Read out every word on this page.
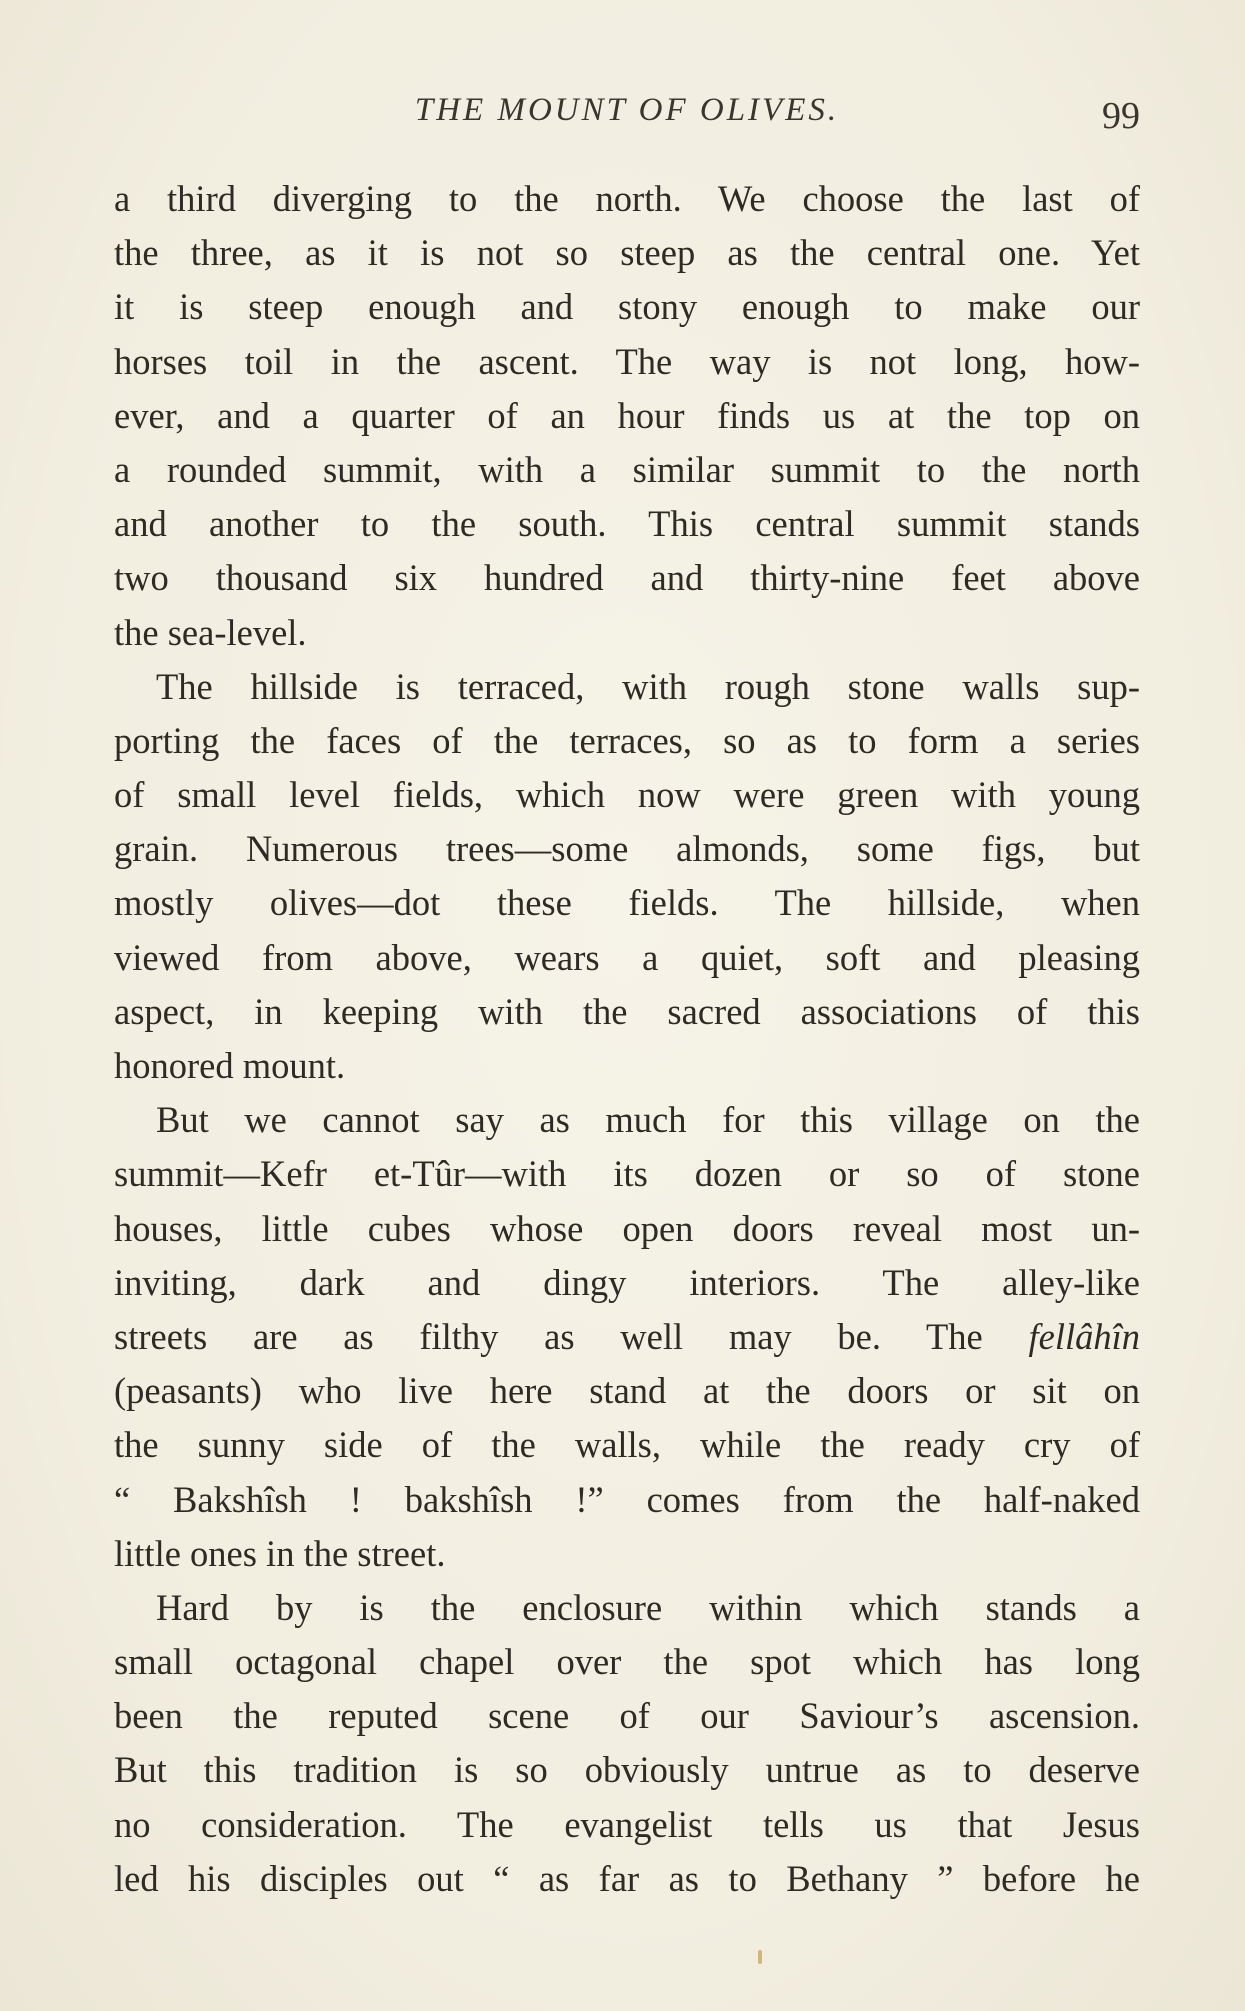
THE MOUNT OF OLIVES.	99
a third diverging to the north. We choose the last of
the three, as it is not so steep as the central one. Yet
it is steep enough and stony enough to make our
horses toil in the ascent. The way is not long, how-
ever, and a quarter of an hour finds us at the top on
a rounded summit, with a similar summit to the north
and another to the south. This central summit stands
two thousand six hundred and thirty-nine feet above
the sea-level.
The hillside is terraced, with rough stone walls sup-
porting the faces of the terraces, so as to form a series
of small level fields, which now were green with young
grain. Numerous trees—some almonds, some figs, but
mostly olives—dot these fields. The hillside, when
viewed from above, wears a quiet, soft and pleasing
aspect, in keeping with the sacred associations of this
honored mount.
But we cannot say as much for this village on the
summit—Kefr et-Tûr—with its dozen or so of stone
houses, little cubes whose open doors reveal most un-
inviting, dark and dingy interiors. The alley-like
streets are as filthy as well may be. The fellâhîn
(peasants) who live here stand at the doors or sit on
the sunny side of the walls, while the ready cry of
“ Bakshîsh ! bakshîsh !” comes from the half-naked
little ones in the street.
Hard by is the enclosure within which stands a
small octagonal chapel over the spot which has long
been the reputed scene of our Saviour’s ascension.
But this tradition is so obviously untrue as to deserve
no consideration. The evangelist tells us that Jesus
led his disciples out “ as far as to Bethany ” before he
